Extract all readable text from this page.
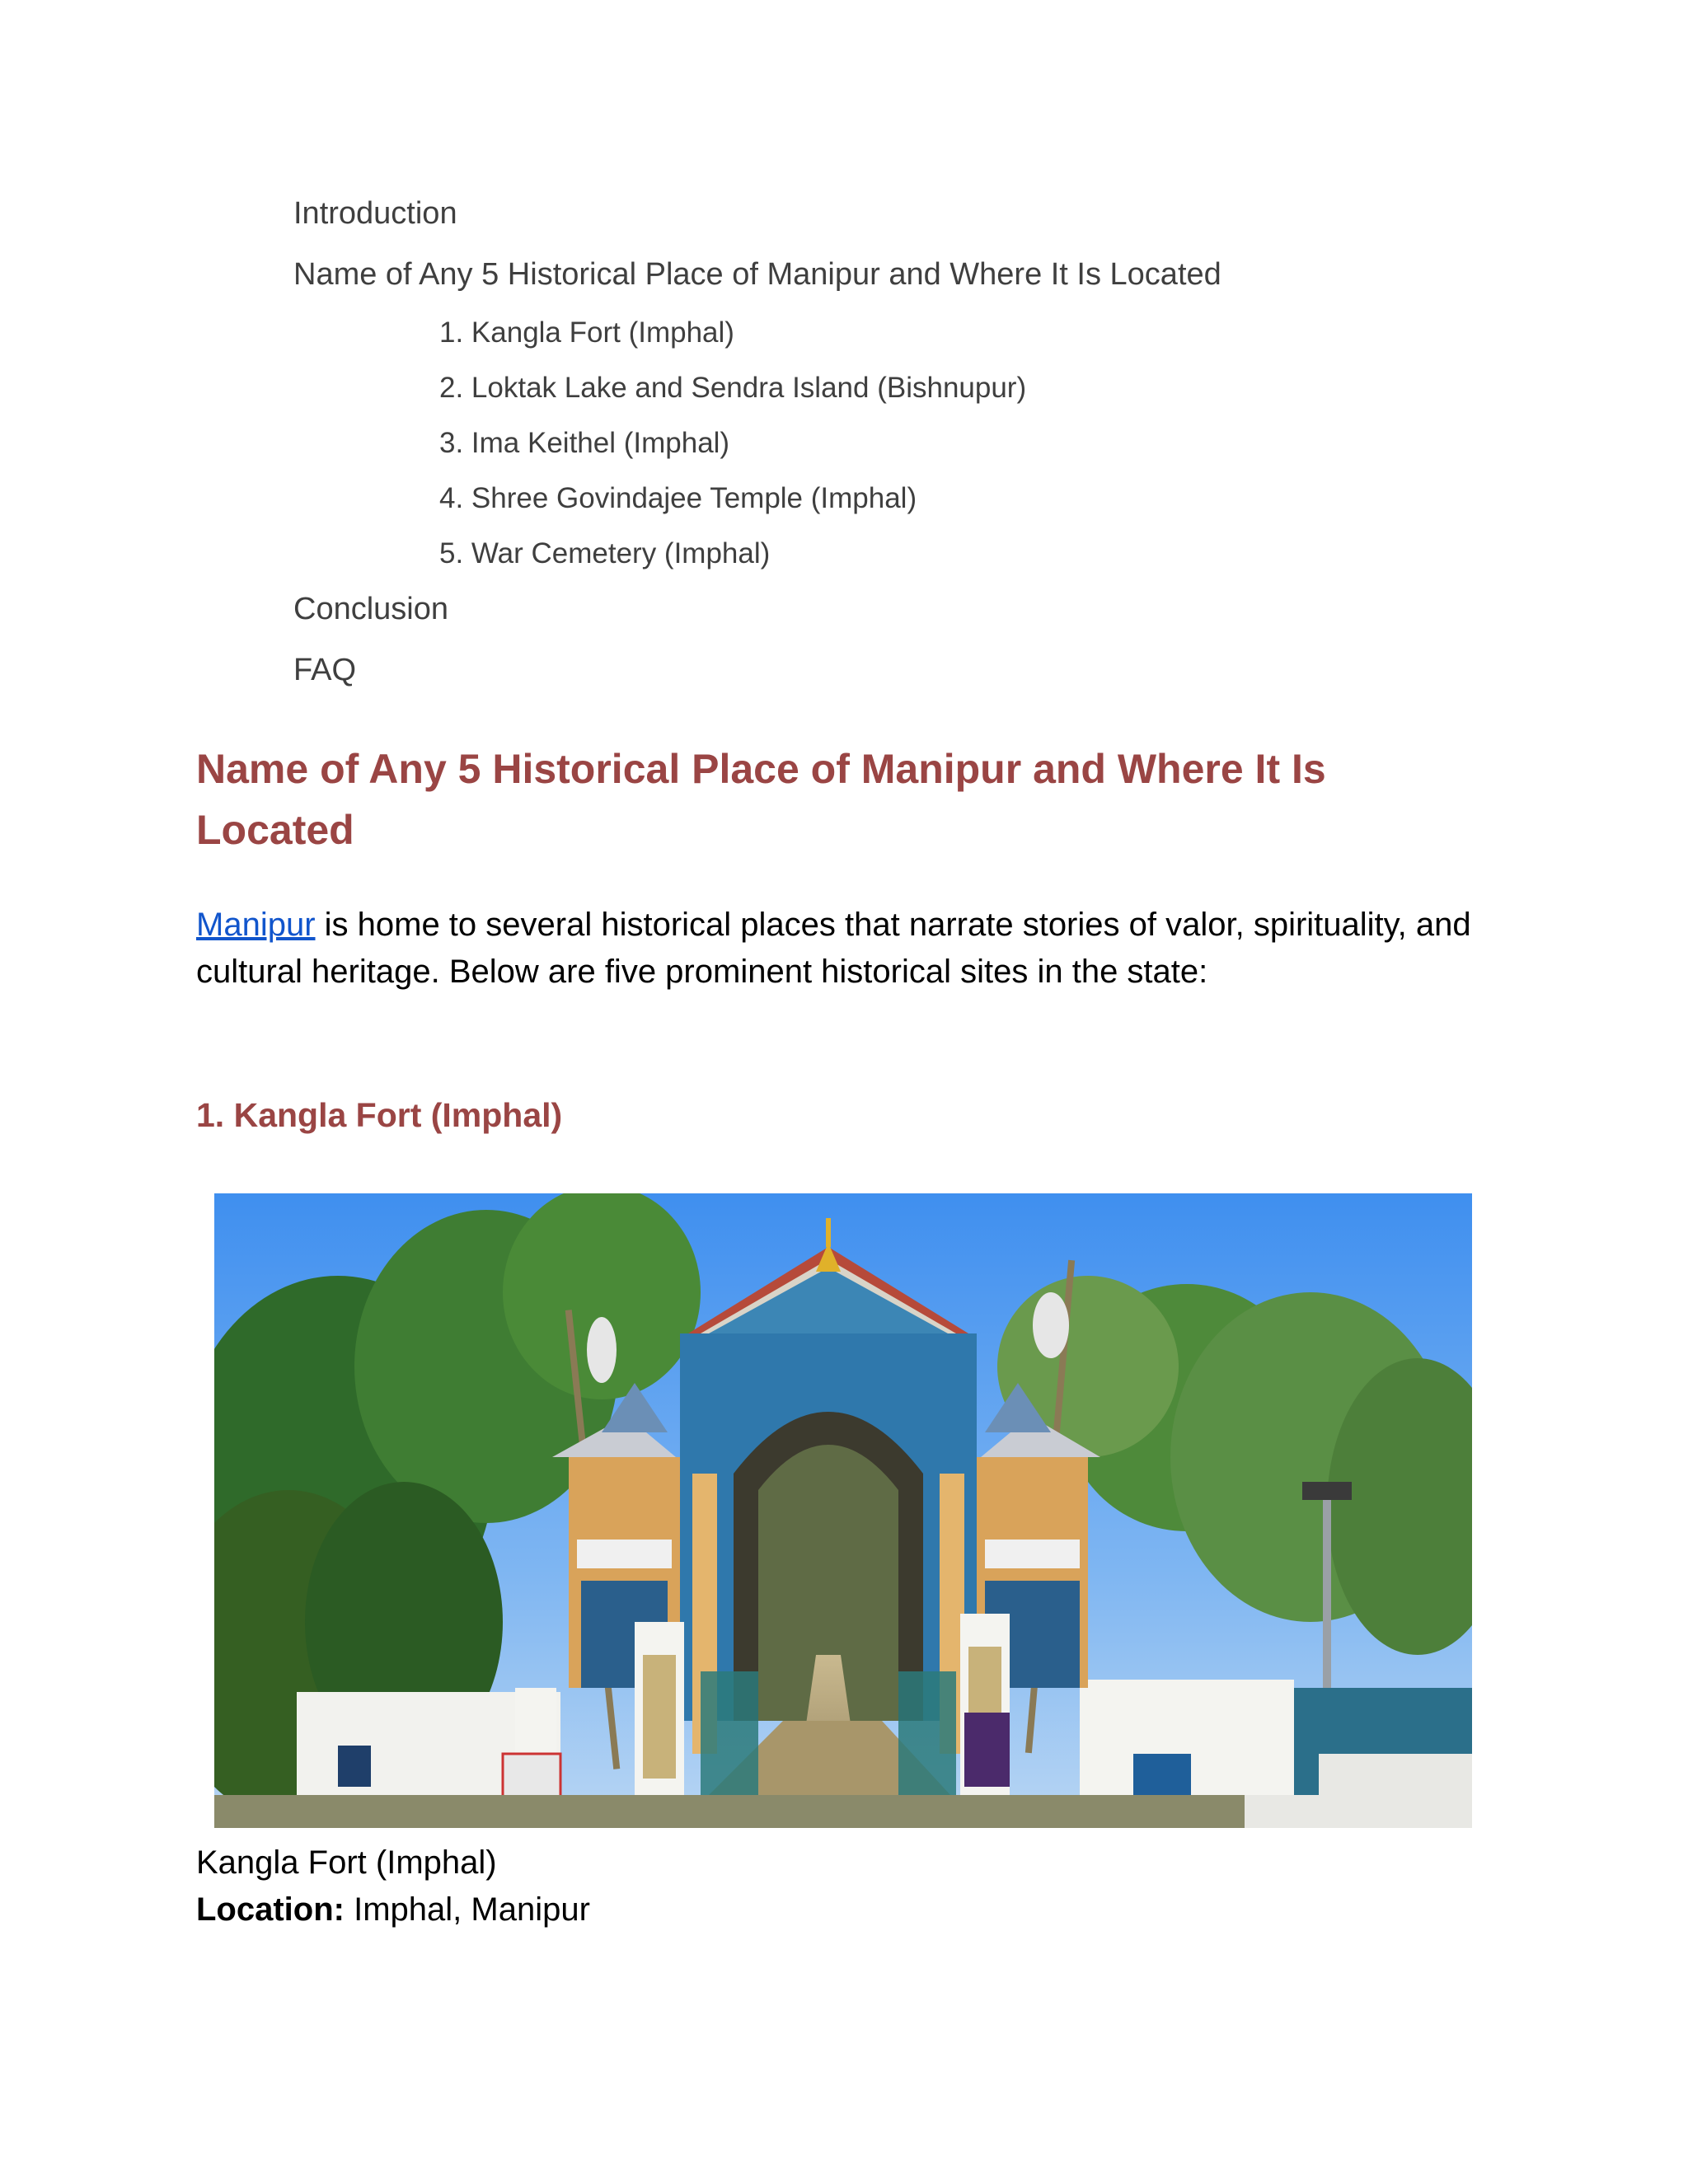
Introduction
Name of Any 5 Historical Place of Manipur and Where It Is Located
1. Kangla Fort (Imphal)
2. Loktak Lake and Sendra Island (Bishnupur)
3. Ima Keithel (Imphal)
4. Shree Govindajee Temple (Imphal)
5. War Cemetery (Imphal)
Conclusion
FAQ
Name of Any 5 Historical Place of Manipur and Where It Is Located

Manipur is home to several historical places that narrate stories of valor, spirituality, and cultural heritage. Below are five prominent historical sites in the state:

1. Kangla Fort (Imphal)
Kangla Fort (Imphal)
Location: Imphal, Manipur
